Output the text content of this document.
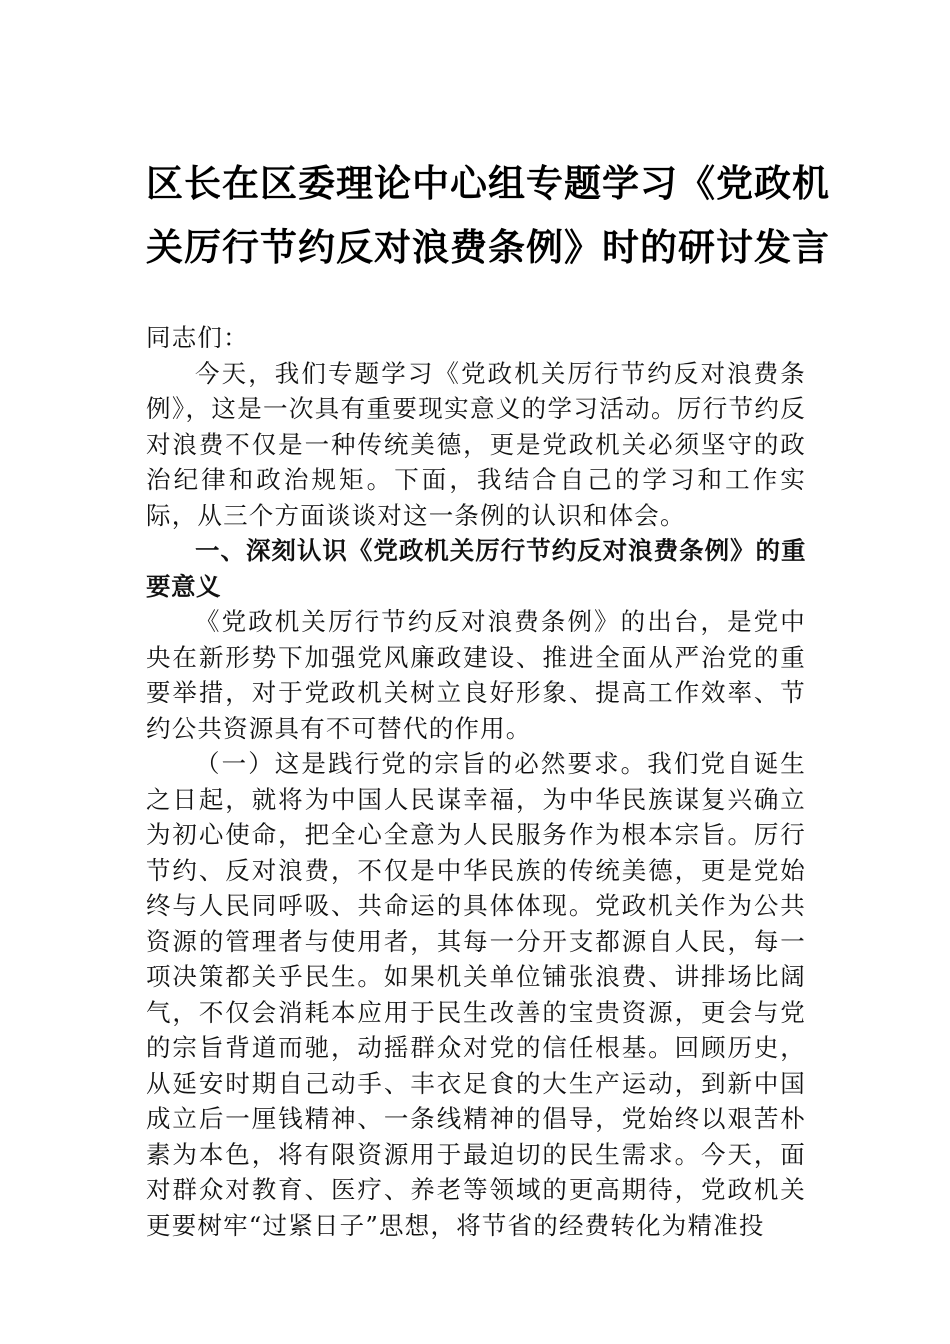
区长在区委理论中心组专题学习《党政机
关厉行节约反对浪费条例》时的研讨发言

同志们：

今天，我们专题学习《党政机关厉行节约反对浪费条例》，这是一次具有重要现实意义的学习活动。厉行节约反对浪费不仅是一种传统美德，更是党政机关必须坚守的政治纪律和政治规矩。下面，我结合自己的学习和工作实际，从三个方面谈谈对这一条例的认识和体会。

一、深刻认识《党政机关厉行节约反对浪费条例》的重要意义

《党政机关厉行节约反对浪费条例》的出台，是党中央在新形势下加强党风廉政建设、推进全面从严治党的重要举措，对于党政机关树立良好形象、提高工作效率、节约公共资源具有不可替代的作用。

（一）这是践行党的宗旨的必然要求。我们党自诞生之日起，就将为中国人民谋幸福，为中华民族谋复兴确立为初心使命，把全心全意为人民服务作为根本宗旨。厉行节约、反对浪费，不仅是中华民族的传统美德，更是党始终与人民同呼吸、共命运的具体体现。党政机关作为公共资源的管理者与使用者，其每一分开支都源自人民，每一项决策都关乎民生。如果机关单位铺张浪费、讲排场比阔气，不仅会消耗本应用于民生改善的宝贵资源，更会与党的宗旨背道而驰，动摇群众对党的信任根基。回顾历史，从延安时期自己动手、丰衣足食的大生产运动，到新中国成立后一厘钱精神、一条线精神的倡导，党始终以艰苦朴素为本色，将有限资源用于最迫切的民生需求。今天，面对群众对教育、医疗、养老等领域的更高期待，党政机关更要树牢“过紧日子”思想，将节省的经费转化为精准投
